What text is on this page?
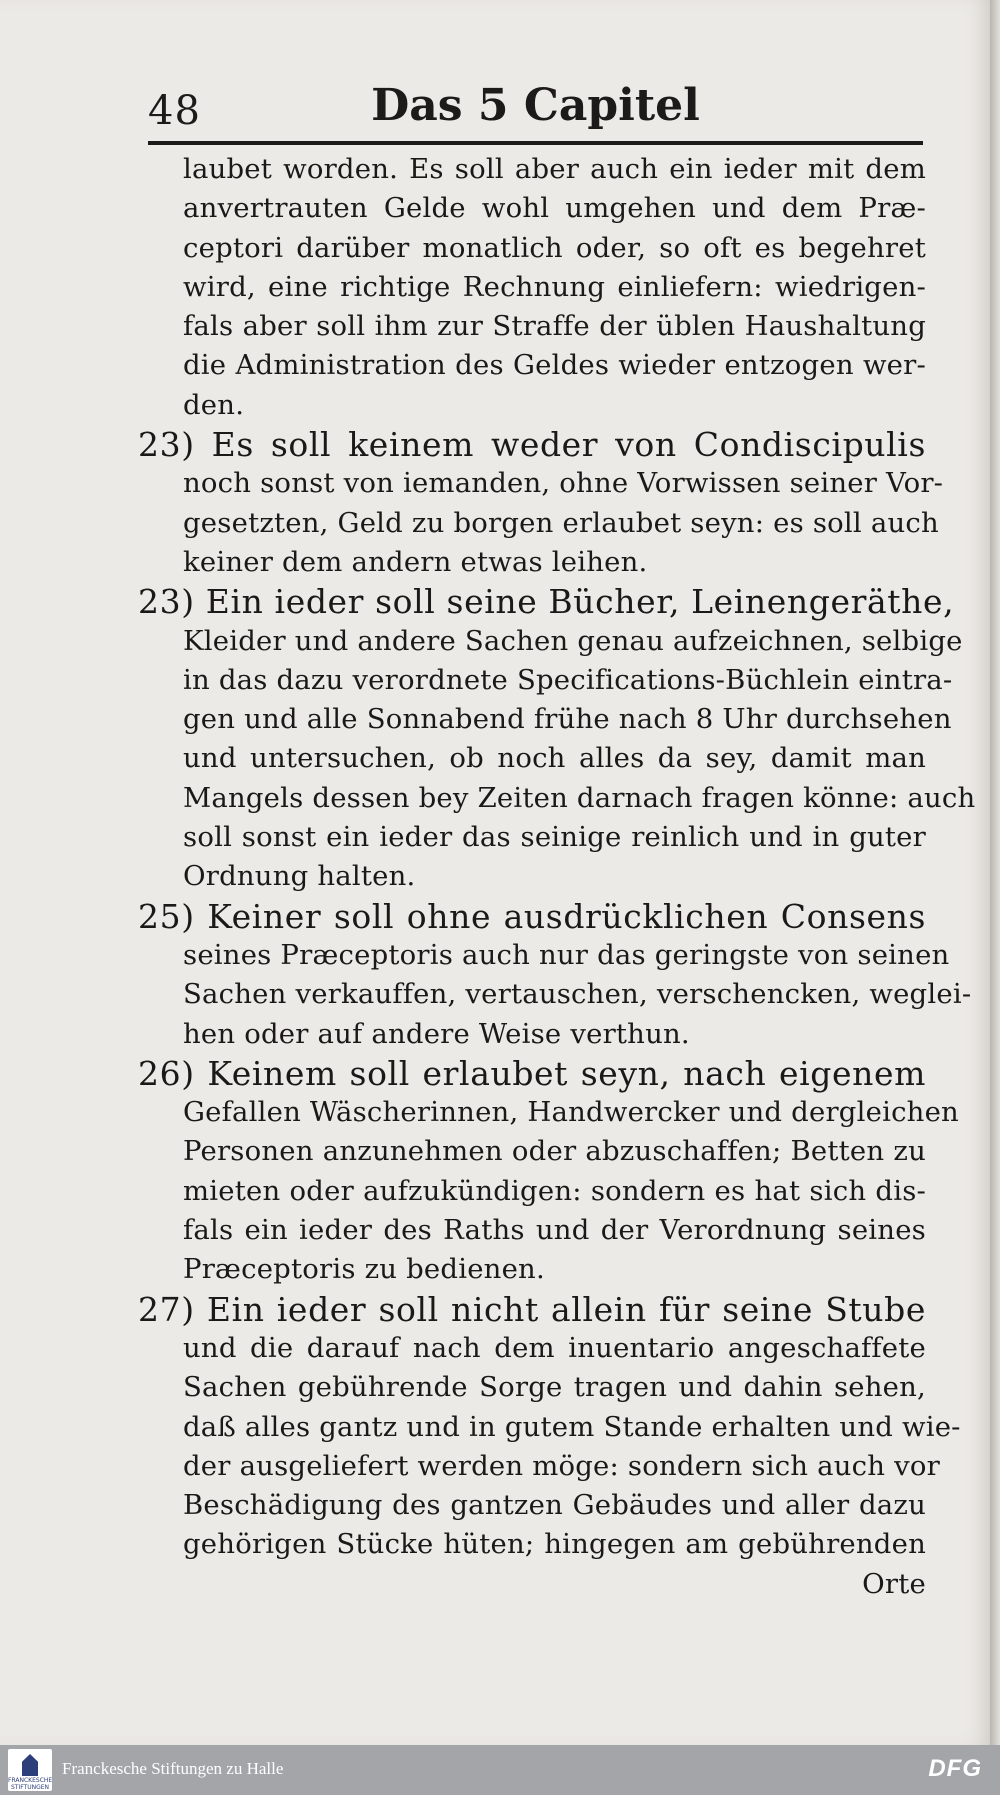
48	Das 5 Capitel
laubet worden. Es soll aber auch ein ieder mit dem
anvertrauten Gelde wohl umgehen und dem Præ-
ceptori darüber monatlich oder, so oft es begehret
wird, eine richtige Rechnung einliefern: wiedrigen-
fals aber soll ihm zur Straffe der üblen Haushaltung
die Administration des Geldes wieder entzogen wer-
den.
23) Es soll keinem weder von Condiscipulis
noch sonst von iemanden, ohne Vorwissen seiner Vor-
gesetzten, Geld zu borgen erlaubet seyn: es soll auch
keiner dem andern etwas leihen.
23) Ein ieder soll seine Bücher, Leinengeräthe,
Kleider und andere Sachen genau aufzeichnen, selbige
in das dazu verordnete Specifications-Büchlein eintra-
gen und alle Sonnabend frühe nach 8 Uhr durchsehen
und untersuchen, ob noch alles da sey, damit man
Mangels dessen bey Zeiten darnach fragen könne: auch
soll sonst ein ieder das seinige reinlich und in guter
Ordnung halten.
25) Keiner soll ohne ausdrücklichen Consens
seines Præceptoris auch nur das geringste von seinen
Sachen verkauffen, vertauschen, verschencken, weglei-
hen oder auf andere Weise verthun.
26) Keinem soll erlaubet seyn, nach eigenem
Gefallen Wäscherinnen, Handwercker und dergleichen
Personen anzunehmen oder abzuschaffen; Betten zu
mieten oder aufzukündigen: sondern es hat sich dis-
fals ein ieder des Raths und der Verordnung seines
Præceptoris zu bedienen.
27) Ein ieder soll nicht allein für seine Stube
und die darauf nach dem inuentario angeschaffete
Sachen gebührende Sorge tragen und dahin sehen,
daß alles gantz und in gutem Stande erhalten und wie-
der ausgeliefert werden möge: sondern sich auch vor
Beschädigung des gantzen Gebäudes und aller dazu
gehörigen Stücke hüten; hingegen am gebührenden
Orte
FRANCKESCHE STIFTUNGEN
Franckesche Stiftungen zu Halle	DFG
